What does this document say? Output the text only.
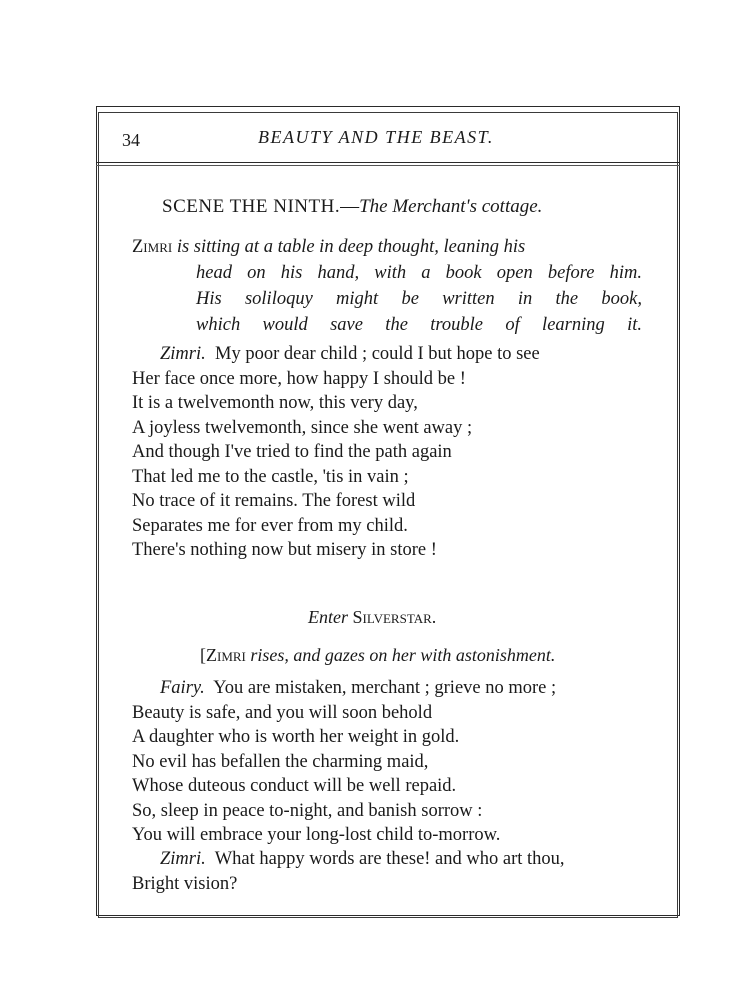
34	BEAUTY AND THE BEAST.
SCENE THE NINTH.—The Merchant's cottage.
Zimri is sitting at a table in deep thought, leaning his
head on his hand, with a book open before him.
His soliloquy might be written in the book,
which would save the trouble of learning it.
Zimri. My poor dear child ; could I but hope to see
Her face once more, how happy I should be !
It is a twelvemonth now, this very day,
A joyless twelvemonth, since she went away ;
And though I've tried to find the path again
That led me to the castle, 'tis in vain ;
No trace of it remains. The forest wild
Separates me for ever from my child.
There's nothing now but misery in store !
Enter Silverstar.
[Zimri rises, and gazes on her with astonishment.
Fairy. You are mistaken, merchant ; grieve no more ;
Beauty is safe, and you will soon behold
A daughter who is worth her weight in gold.
No evil has befallen the charming maid,
Whose duteous conduct will be well repaid.
So, sleep in peace to-night, and banish sorrow :
You will embrace your long-lost child to-morrow.
Zimri. What happy words are these! and who art thou,
Bright vision?
